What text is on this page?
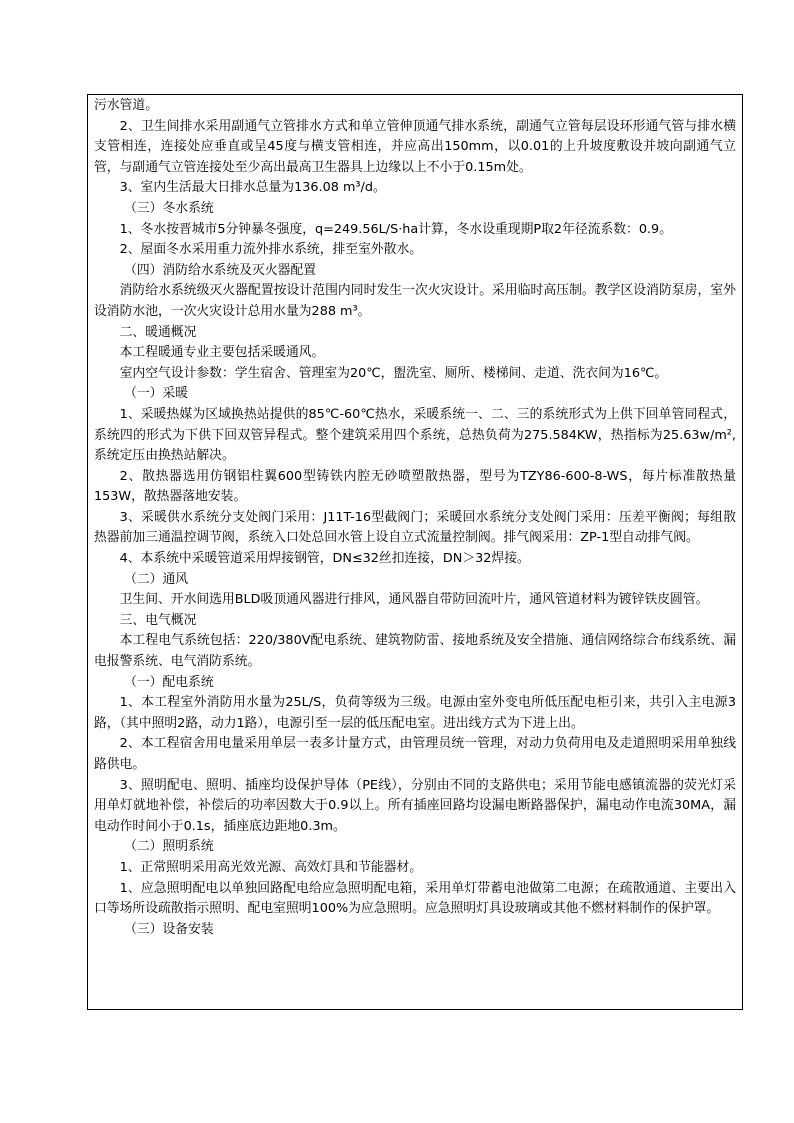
污水管道。

2、卫生间排水采用副通气立管排水方式和单立管伸顶通气排水系统，副通气立管每层设环形通气管与排水横支管相连，连接处应垂直或呈45度与横支管相连，并应高出150mm，以0.01的上升坡度敷设并坡向副通气立管，与副通气立管连接处至少高出最高卫生器具上边缘以上不小于0.15m处。

3、室内生活最大日排水总量为136.08 m³/d。

（三）冬水系统

1、冬水按晋城市5分钟暴冬强度，q=249.56L/S·ha计算，冬水设重现期P取2年径流系数：0.9。

2、屋面冬水采用重力流外排水系统，排至室外散水。

（四）消防给水系统及灭火器配置

消防给水系统级灭火器配置按设计范围内同时发生一次火灾设计。采用临时高压制。教学区设消防泵房，室外设消防水池，一次火灾设计总用水量为288 m³。

二、暖通概况

本工程暖通专业主要包括采暖通风。

室内空气设计参数：学生宿舍、管理室为20℃，盥洗室、厕所、楼梯间、走道、洗衣间为16℃。

（一）采暖

1、采暖热媒为区域换热站提供的85℃-60℃热水，采暖系统一、二、三的系统形式为上供下回单管同程式，系统四的形式为下供下回双管异程式。整个建筑采用四个系统，总热负荷为275.584KW，热指标为25.63w/m²,系统定压由换热站解决。

2、散热器选用仿钢铝柱翼600型铸铁内腔无砂喷塑散热器，型号为TZY86-600-8-WS，每片标准散热量153W，散热器落地安装。

3、采暖供水系统分支处阀门采用：J11T-16型截阀门；采暖回水系统分支处阀门采用：压差平衡阀；每组散热器前加三通温控调节阀，系统入口处总回水管上设自立式流量控制阀。排气阀采用：ZP-1型自动排气阀。

4、本系统中采暖管道采用焊接钢管，DN≤32丝扣连接，DN＞32焊接。

（二）通风

卫生间、开水间选用BLD吸顶通风器进行排风，通风器自带防回流叶片，通风管道材料为镀锌铁皮圆管。

三、电气概况

本工程电气系统包括：220/380V配电系统、建筑物防雷、接地系统及安全措施、通信网络综合布线系统、漏电报警系统、电气消防系统。

（一）配电系统

1、本工程室外消防用水量为25L/S，负荷等级为三级。电源由室外变电所低压配电柜引来，共引入主电源3路，（其中照明2路，动力1路），电源引至一层的低压配电室。进出线方式为下进上出。

2、本工程宿舍用电量采用单层一表多计量方式，由管理员统一管理，对动力负荷用电及走道照明采用单独线路供电。

3、照明配电、照明、插座均设保护导体（PE线），分别由不同的支路供电；采用节能电感镇流器的荧光灯采用单灯就地补偿，补偿后的功率因数大于0.9以上。所有插座回路均设漏电断路器保护，漏电动作电流30MA，漏电动作时间小于0.1s，插座底边距地0.3m。

（二）照明系统

1、正常照明采用高光效光源、高效灯具和节能器材。

1、应急照明配电以单独回路配电给应急照明配电箱，采用单灯带蓄电池做第二电源；在疏散通道、主要出入口等场所设疏散指示照明、配电室照明100%为应急照明。应急照明灯具设玻璃或其他不燃材料制作的保护罩。

（三）设备安装
